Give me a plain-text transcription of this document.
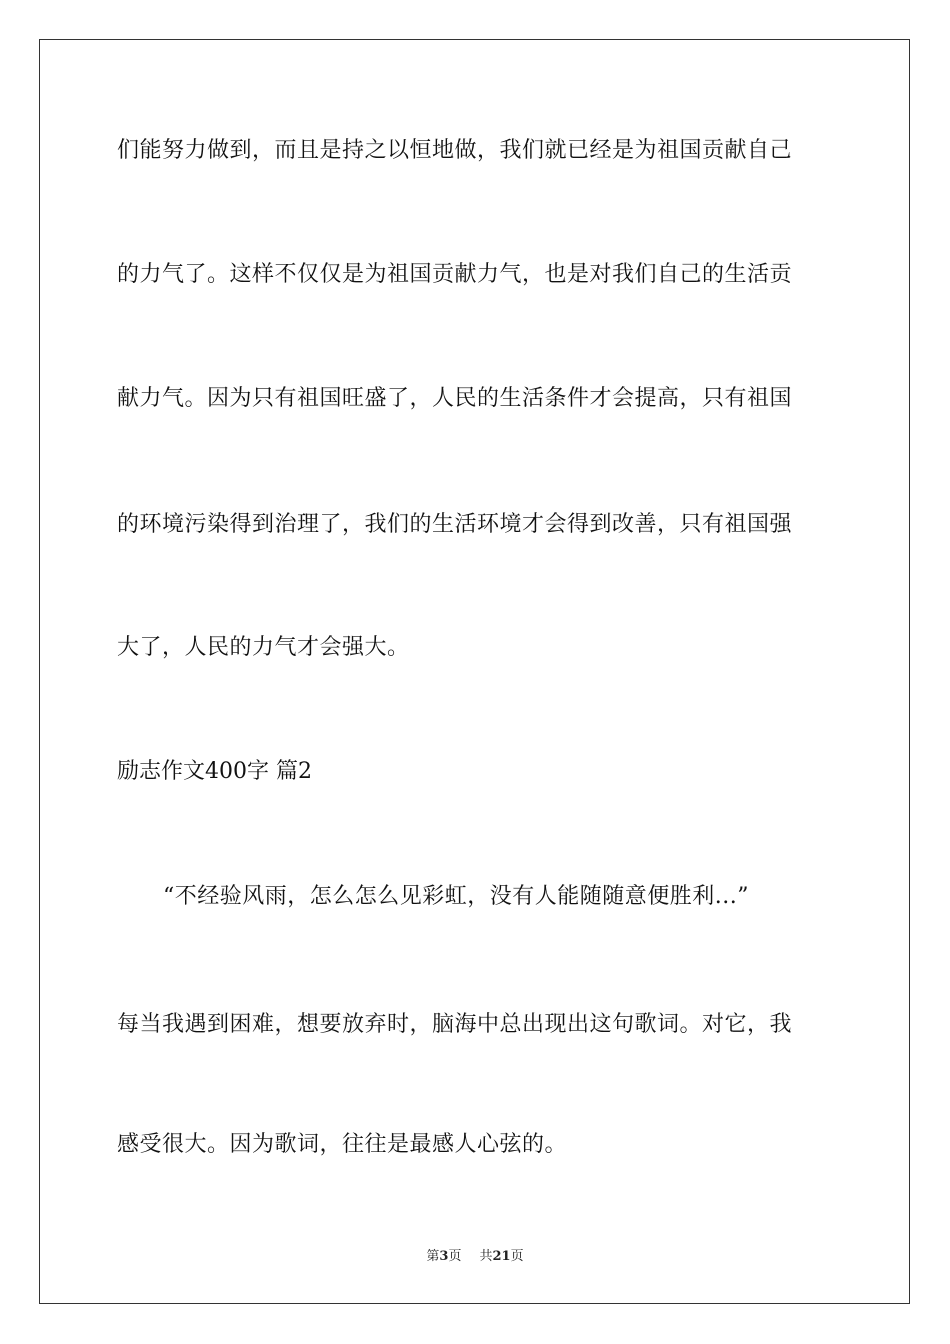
们能努力做到，而且是持之以恒地做，我们就已经是为祖国贡献自己
的力气了。这样不仅仅是为祖国贡献力气，也是对我们自己的生活贡
献力气。因为只有祖国旺盛了，人民的生活条件才会提高，只有祖国
的环境污染得到治理了，我们的生活环境才会得到改善，只有祖国强
大了，人民的力气才会强大。
励志作文400字 篇2
“不经验风雨，怎么怎么见彩虹，没有人能随随意便胜利...”
每当我遇到困难，想要放弃时，脑海中总出现出这句歌词。对它，我
感受很大。因为歌词，往往是最感人心弦的。
第3页 共21页
